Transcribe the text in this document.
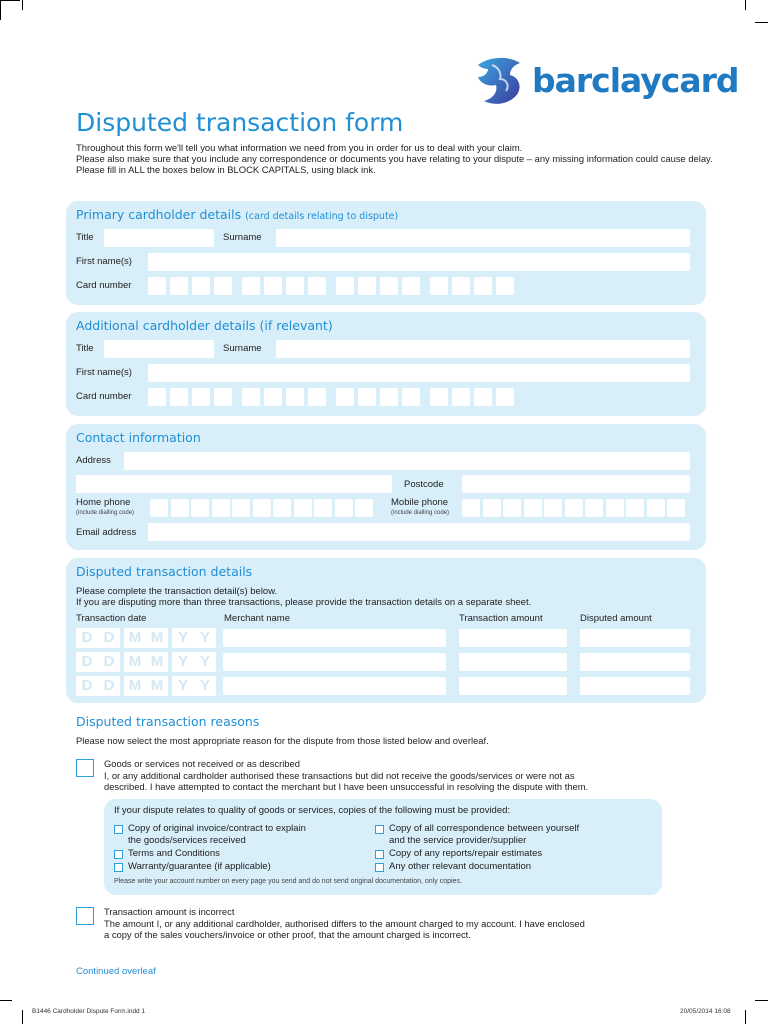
barclaycard
Disputed transaction form

Throughout this form we'll tell you what information we need from you in order for us to deal with your claim.

Please also make sure that you include any correspondence or documents you have relating to your dispute – any missing information could cause delay.

Please fill in ALL the boxes below in BLOCK CAPITALS, using black ink.

Primary cardholder details (card details relating to dispute)
Title	Surname
First name(s)
Card number
Additional cardholder details (if relevant)
Title	Surname
First name(s)
Card number
Contact information
Address
Postcode
Home phone
(include dialling code)
Mobile phone
(include dialling code)
Email address
Disputed transaction details
Please complete the transaction detail(s) below.
If you are disputing more than three transactions, please provide the transaction details on a separate sheet.
Transaction date	Merchant name	Transaction amount	Disputed amount
D D M M Y Y
D D M M Y Y
D D M M Y Y
Disputed transaction reasons
Please now select the most appropriate reason for the dispute from those listed below and overleaf.
Goods or services not received or as described
I, or any additional cardholder authorised these transactions but did not receive the goods/services or were not as
described. I have attempted to contact the merchant but I have been unsuccessful in resolving the dispute with them.
If your dispute relates to quality of goods or services, copies of the following must be provided:
Copy of original invoice/contract to explain
the goods/services received
Terms and Conditions
Warranty/guarantee (if applicable)
Copy of all correspondence between yourself
and the service provider/supplier
Copy of any reports/repair estimates
Any other relevant documentation
Please write your account number on every page you send and do not send original documentation, only copies.
Transaction amount is incorrect
The amount I, or any additional cardholder, authorised differs to the amount charged to my account. I have enclosed
a copy of the sales vouchers/invoice or other proof, that the amount charged is incorrect.
Continued overleaf
B1446 Cardholder Dispute Form.indd 1	20/05/2014 16:08
